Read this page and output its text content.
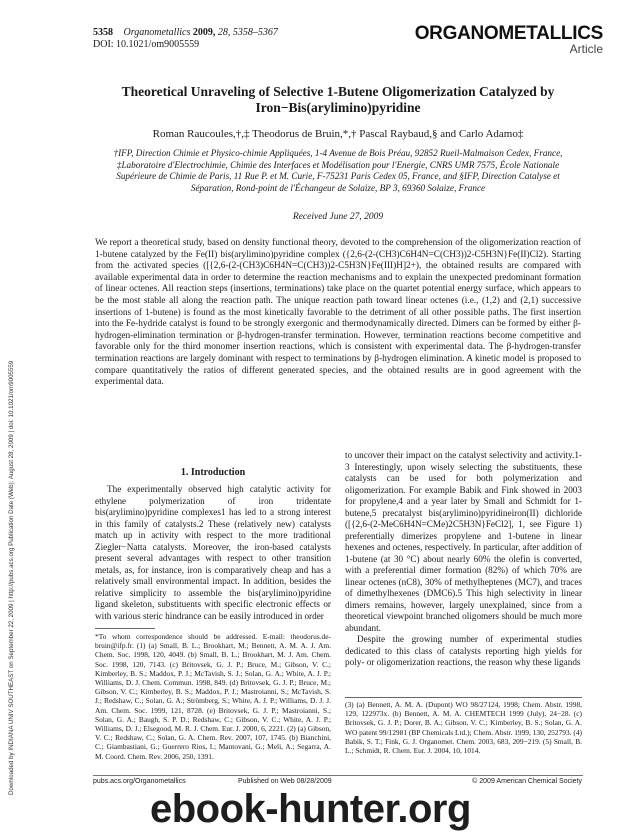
5358 Organometallics 2009, 28, 5358–5367
DOI: 10.1021/om9005559
ORGANOMETALLICS
Article
Theoretical Unraveling of Selective 1-Butene Oligomerization Catalyzed by Iron−Bis(arylimino)pyridine
Roman Raucoules,†,‡ Theodorus de Bruin,*,† Pascal Raybaud,§ and Carlo Adamo‡
†IFP, Direction Chimie et Physico-chimie Appliquées, 1-4 Avenue de Bois Préau, 92852 Rueil-Malmaison Cedex, France, ‡Laboratoire d'Electrochimie, Chimie des Interfaces et Modélisation pour l'Energie, CNRS UMR 7575, École Nationale Supérieure de Chimie de Paris, 11 Rue P. et M. Curie, F-75231 Paris Cedex 05, France, and §IFP, Direction Catalyse et Séparation, Rond-point de l'Échangeur de Solaize, BP 3, 69360 Solaize, France
Received June 27, 2009
We report a theoretical study, based on density functional theory, devoted to the comprehension of the oligomerization reaction of 1-butene catalyzed by the Fe(II) bis(arylimino)pyridine complex ({2,6-(2-(CH3)C6H4N=C(CH3))2-C5H3N}Fe(II)Cl2). Starting from the activated species ([{2,6-(2-(CH3)C6H4N=C(CH3))2-C5H3N}Fe(III)H]2+), the obtained results are compared with available experimental data in order to determine the reaction mechanisms and to explain the unexpected predominant formation of linear octenes. All reaction steps (insertions, terminations) take place on the quartet potential energy surface, which appears to be the most stable all along the reaction path. The unique reaction path toward linear octenes (i.e., (1,2) and (2,1) successive insertions of 1-butene) is found as the most kinetically favorable to the detriment of all other possible paths. The first insertion into the Fe-hydride catalyst is found to be strongly exergonic and thermodynamically directed. Dimers can be formed by either β-hydrogen-elimination termination or β-hydrogen-transfer termination. However, termination reactions become competitive and favorable only for the third monomer insertion reactions, which is consistent with experimental data. The β-hydrogen-transfer termination reactions are largely dominant with respect to terminations by β-hydrogen elimination. A kinetic model is proposed to compare quantitatively the ratios of different generated species, and the obtained results are in good agreement with the experimental data.
Downloaded by INDIANA UNIV SOUTHEAST on September 22, 2009 | http://pubs.acs.org Publication Date (Web): August 28, 2009 | doi: 10.1021/om9005559	1. Introduction

The experimentally observed high catalytic activity for ethylene polymerization of iron tridentate bis(arylimino)pyridine complexes1 has led to a strong interest in this family of catalysts.2 These (relatively new) catalysts match up in activity with respect to the more traditional Ziegler−Natta catalysts. Moreover, the iron-based catalysts present several advantages with respect to other transition metals, as, for instance, iron is comparatively cheap and has a relatively small environmental impact. In addition, besides the relative simplicity to assemble the bis(arylimino)pyridine ligand skeleton, substituents with specific electronic effects or with various steric hindrance can be easily introduced in order

to uncover their impact on the catalyst selectivity and activity.1-3 Interestingly, upon wisely selecting the substituents, these catalysts can be used for both polymerization and oligomerization. For example Babik and Fink showed in 2003 for propylene,4 and a year later by Small and Schmidt for 1-butene,5 precatalyst bis(arylimino)pyridineiron(II) dichloride ([{2,6-(2-MeC6H4N=CMe)2C5H3N}FeCl2], 1, see Figure 1) preferentially dimerizes propylene and 1-butene in linear hexenes and octenes, respectively. In particular, after addition of 1-butene (at 30 °C) about nearly 60% the olefin is converted, with a preferential dimer formation (82%) of which 70% are linear octenes (nC8), 30% of methylheptenes (MC7), and traces of dimethylhexenes (DMC6).5 This high selectivity in linear dimers remains, however, largely unexplained, since from a theoretical viewpoint branched oligomers should be much more abundant.

Despite the growing number of experimental studies dedicated to this class of catalysts reporting high yields for poly- or oligomerization reactions, the reason why these ligands

*To whom correspondence should be addressed. E-mail: theodorus.de-bruin@ifp.fr. (1) (a) Small, B. L.; Brookhart, M.; Bennett, A. M. A. J. Am. Chem. Soc. 1998, 120, 4049. (b) Small, B. L.; Brookhart, M. J. Am. Chem. Soc. 1998, 120, 7143. (c) Britovsek, G. J. P.; Bruce, M.; Gibson, V. C.; Kimberley, B. S.; Maddox, P. J.; McTavish, S. J.; Solan, G. A.; White, A. J. P.; Williams, D. J. Chem. Commun. 1998, 849. (d) Britovsek, G. J. P.; Bruce, M.; Gibson, V. C.; Kimberley, B. S.; Maddox, P. J.; Mastroianni, S.; McTavish, S. J.; Redshaw, C.; Solan, G. A.; Strömberg, S.; White, A. J. P.; Williams, D. J. J. Am. Chem. Soc. 1999, 121, 8728. (e) Britovsek, G. J. P.; Mastroianni, S.; Solan, G. A.; Baugh, S. P. D.; Redshaw, C.; Gibson, V. C.; White, A. J. P.; Williams, D. J.; Elsegood, M. R. J. Chem. Eur. J. 2000, 6, 2221. (2) (a) Gibson, V. C.; Redshaw, C.; Solan, G. A. Chem. Rev. 2007, 107, 1745. (b) Bianchini, C.; Giambastiani, G.; Guerrero Rios, I.; Mantovani, G.; Meli, A.; Segarra, A. M. Coord. Chem. Rev. 2006, 250, 1391.
(3) (a) Bennett, A. M. A. (Dupont) WO 98/27124, 1998; Chem. Abstr. 1998, 129, 122973x. (b) Bennett, A. M. A. CHEMTECH 1999 (July), 24−28. (c) Britovsek, G. J. P.; Dorer, B. A.; Gibson, V. C.; Kimberley, B. S.; Solan, G. A. WO patent 99/12981 (BP Chemicals Ltd.); Chem. Abstr. 1999, 130, 252793. (4) Babik, S. T.; Fink, G. J. Organomet. Chem. 2003, 683, 209−219. (5) Small, B. L.; Schmidt, R. Chem. Eur. J. 2004, 10, 1014.
pubs.acs.org/Organometallics	Published on Web 08/28/2009	© 2009 American Chemical Society
ebook-hunter.org
